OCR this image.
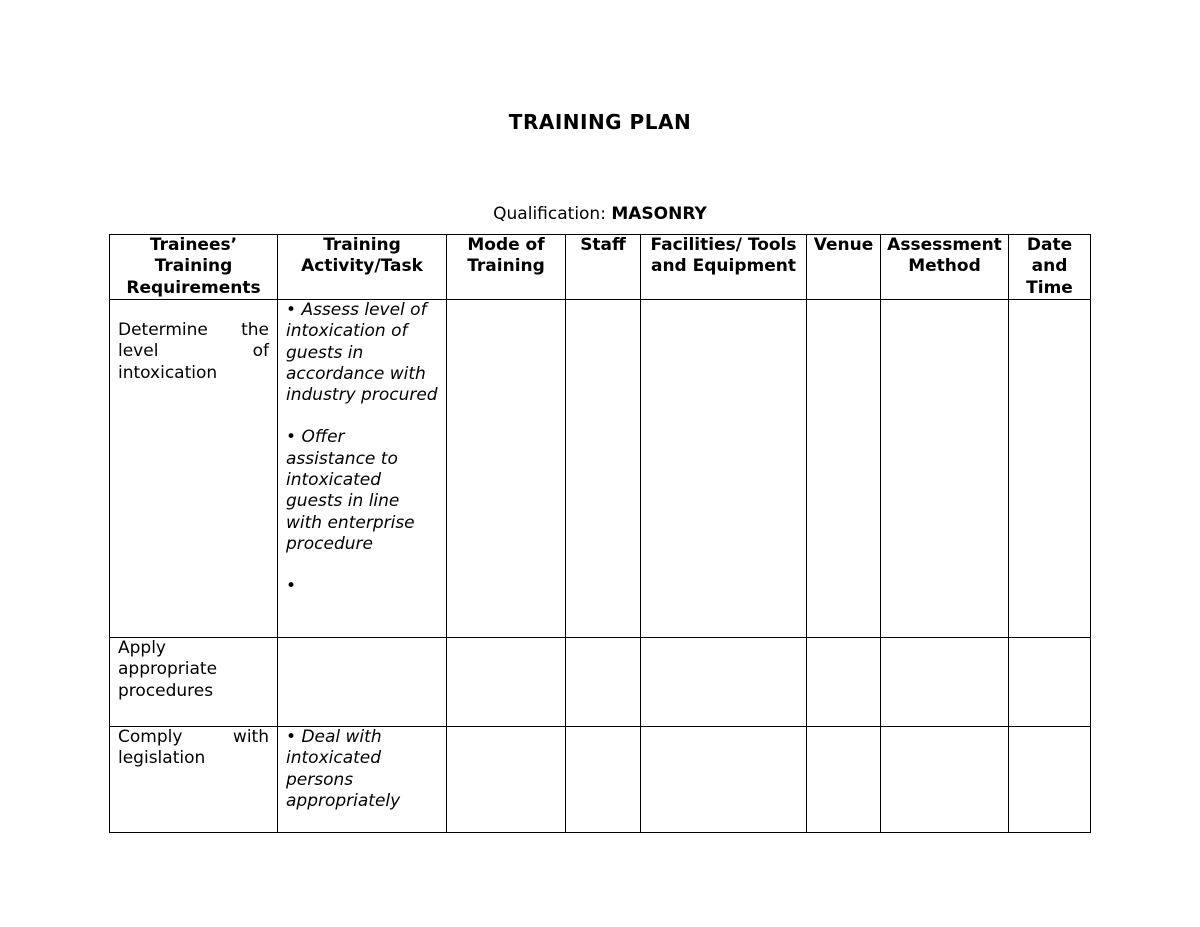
TRAINING PLAN
Qualification: MASONRY
Trainees’ Training Requirements	Training Activity/Task	Mode of Training	Staff	Facilities/ Tools and Equipment	Venue	Assessment Method	Date and Time
Determine the level of intoxication	• Assess level of intoxication of guests in accordance with industry procured

• Offer assistance to intoxicated guests in line with enterprise procedure

•						

Apply appropriate procedures							
Comply with legislation	• Deal with intoxicated persons appropriately						
